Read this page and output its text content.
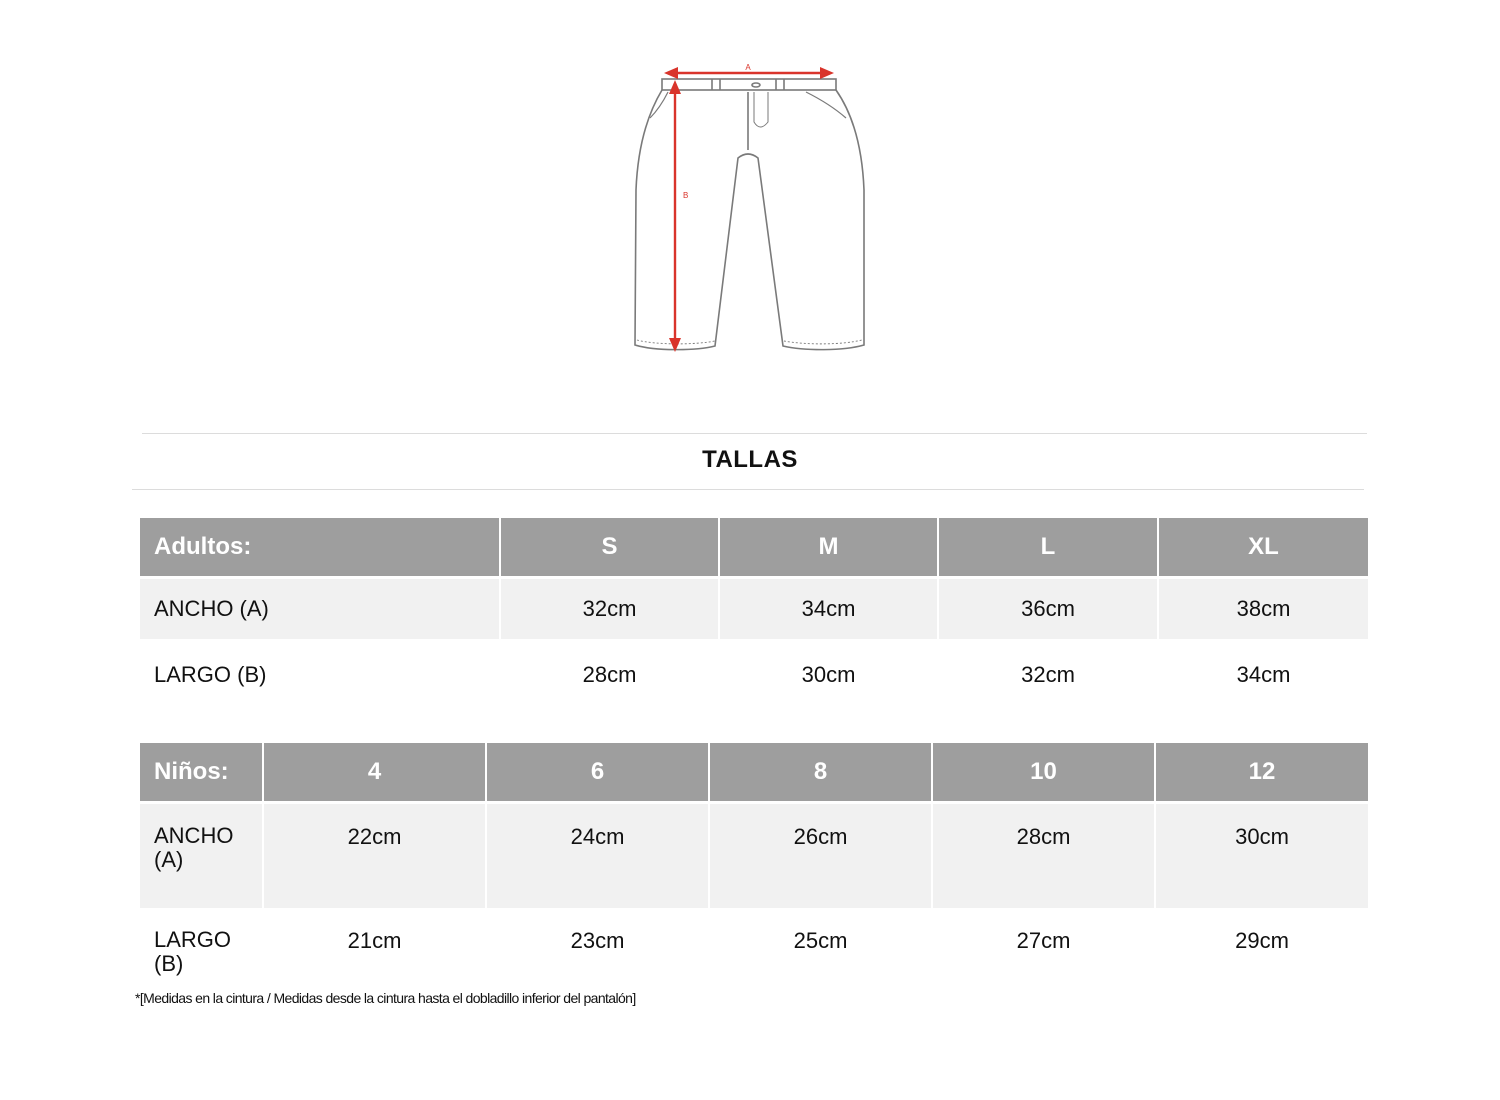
A
B
TALLAS
Adultos:	S	M	L	XL
ANCHO (A)	32cm	34cm	36cm	38cm
LARGO (B)	28cm	30cm	32cm	34cm
Niños:	4	6	8	10	12
ANCHO (A)	22cm	24cm	26cm	28cm	30cm
LARGO (B)	21cm	23cm	25cm	27cm	29cm
*[Medidas en la cintura / Medidas desde la cintura hasta el dobladillo inferior del pantalón]
